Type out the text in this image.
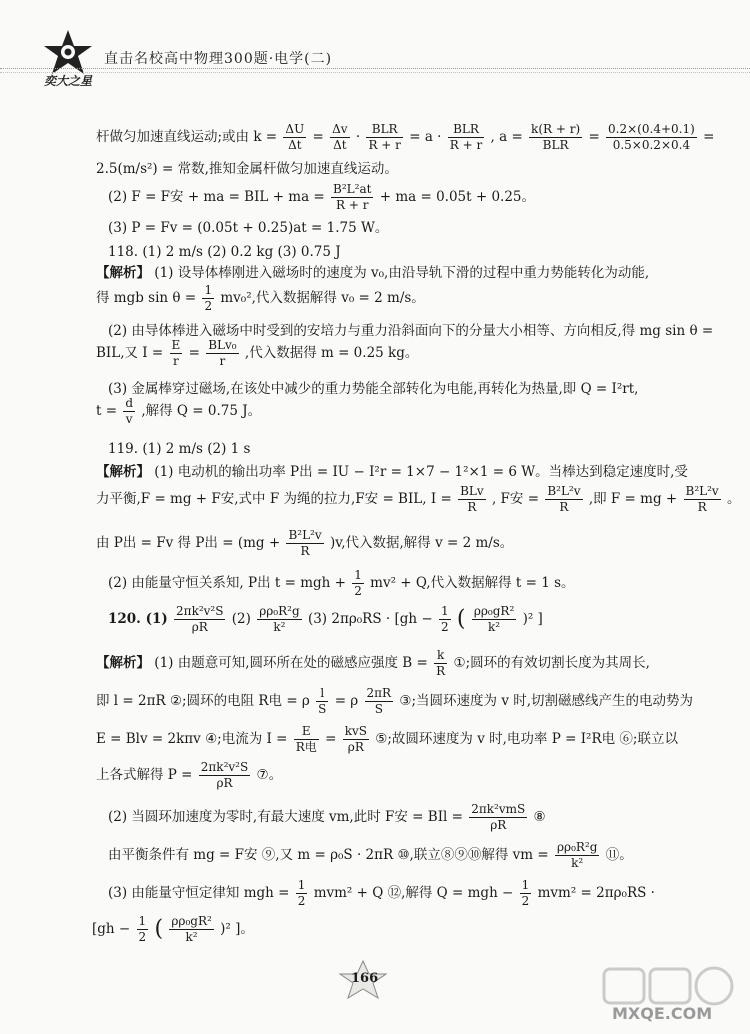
奕大之星
直击名校高中物理300题·电学(二)
杆做匀加速直线运动;或由 $k = \frac{\Delta U}{\Delta t} = \frac{\Delta v}{\Delta t}$ · BLR
R + r = a · BLR
R + r , a = k(R + r)
BLR	= $\frac{0.2\times(0.4+0.1)}{0.5\times 0.2\times 0.4}$ =
2.5(m/s²) = 常数,推知金属杆做匀加速直线运动。
(2) F = F安 + ma = BIL + ma = $\frac{\text{B²L²at}}{R + r}$ + ma = 0.05t + 0.25。
(3) P = Fv = (0.05t + 0.25)at = 1.75 W。
118. (1) 2 m/s (2) 0.2 kg (3) 0.75 J
【解析】 (1) 设导体棒刚进入磁场时的速度为 v₀,由沿导轨下滑的过程中重力势能转化为动能,
得 mgb $\sin \theta = \frac{1}{2} mv_0^2$,代入数据解得 v₀ = 2 m/s。
(2) 由导体棒进入磁场中时受到的安培力与重力沿斜面向下的分量大小相等、方向相反,得 mg sin θ =
BIL,又 $I = \frac{E}{r} = BLv_0$
r	,代入数据得 m = 0.25 kg。
(3) 金属棒穿过磁场,在该处中减少的重力势能全部转化为电能,再转化为热量,即 Q = I²rt,
$t = \frac{d}{v}$ ,解得 Q = 0.75 J。
119. (1) 2 m/s (2) 1 s
【解析】 (1) 电动机的输出功率 P出 = IU − I²r = 1×7 − 1²×1 = 6 W。当棒达到稳定速度时,受
力平衡,F = mg + F安,式中 F 为绳的拉力,F安 = BIL, I = BLv
R	, F安 = $\frac{\text{B²L²v}}{R}$ ,即 F = mg + $\frac{\text{B²L²v}}{R}$ 。
由 P出 = Fv 得 P出 = $(mg + \frac{\text{B²L²v}}{R} )v$,代入数据,解得 v = 2 m/s。
(2) 由能量守恒关系知, P出 t = mgh + $\frac{1}{2} mv^2 + Q$,代入数据解得 t = 1 s。
120. $(1) \frac{\text{2πk²v²S}}{\rho R} (2) \frac{\text{ρρ₀R²g}}{\text{k²}} (3) 2\pi\rho_0RS \cdot [gh - \frac{1}{2}$ ( $\frac{\text{ρρ₀gR²}}{\text{k²}} )^2$ ]
【解析】 (1) 由题意可知,圆环所在处的磁感应强度 $B = \frac{k}{R}$ ①;圆环的有效切割长度为其周长,
即 l = 2πR ②;圆环的电阻 R电 = ρ $\frac{l}{S} = \rho \frac{2\pi R}{S}$ ③;当圆环速度为 v 时,切割磁感线产生的电动势为
E = Blv = 2kπv ④;电流为 I =	E
R电 = kvS
ρR ⑤;故圆环速度为 v 时,电功率 P = I²R电 ⑥;联立以
上各式解得 $P = \frac{\text{2πk²v²S}}{\rho R}$ ⑦。
(2) 当圆环加速度为零时,有最大速度 vm,此时 F安 = BIl = 2πk²vmS
ρR	⑧
由平衡条件有 mg = F安 ⑨,又 m = ρ₀S · 2πR ⑩,联立⑧⑨⑩解得 vm = $\frac{\text{ρρ₀R²g}}{\text{k²}}$ ⑪。
(3) 由能量守恒定律知 mgh = $\frac{1}{2} mvm^2 + Q$ ⑫,解得 Q = mgh − $\frac{1}{2} mvm^2 = 2\pi\rho_0RS$ ·
[$gh - \frac{1}{2}$ ( $\frac{\text{ρρ₀gR²}}{\text{k²}} )^2$ ]。
166
MXQE.COM
